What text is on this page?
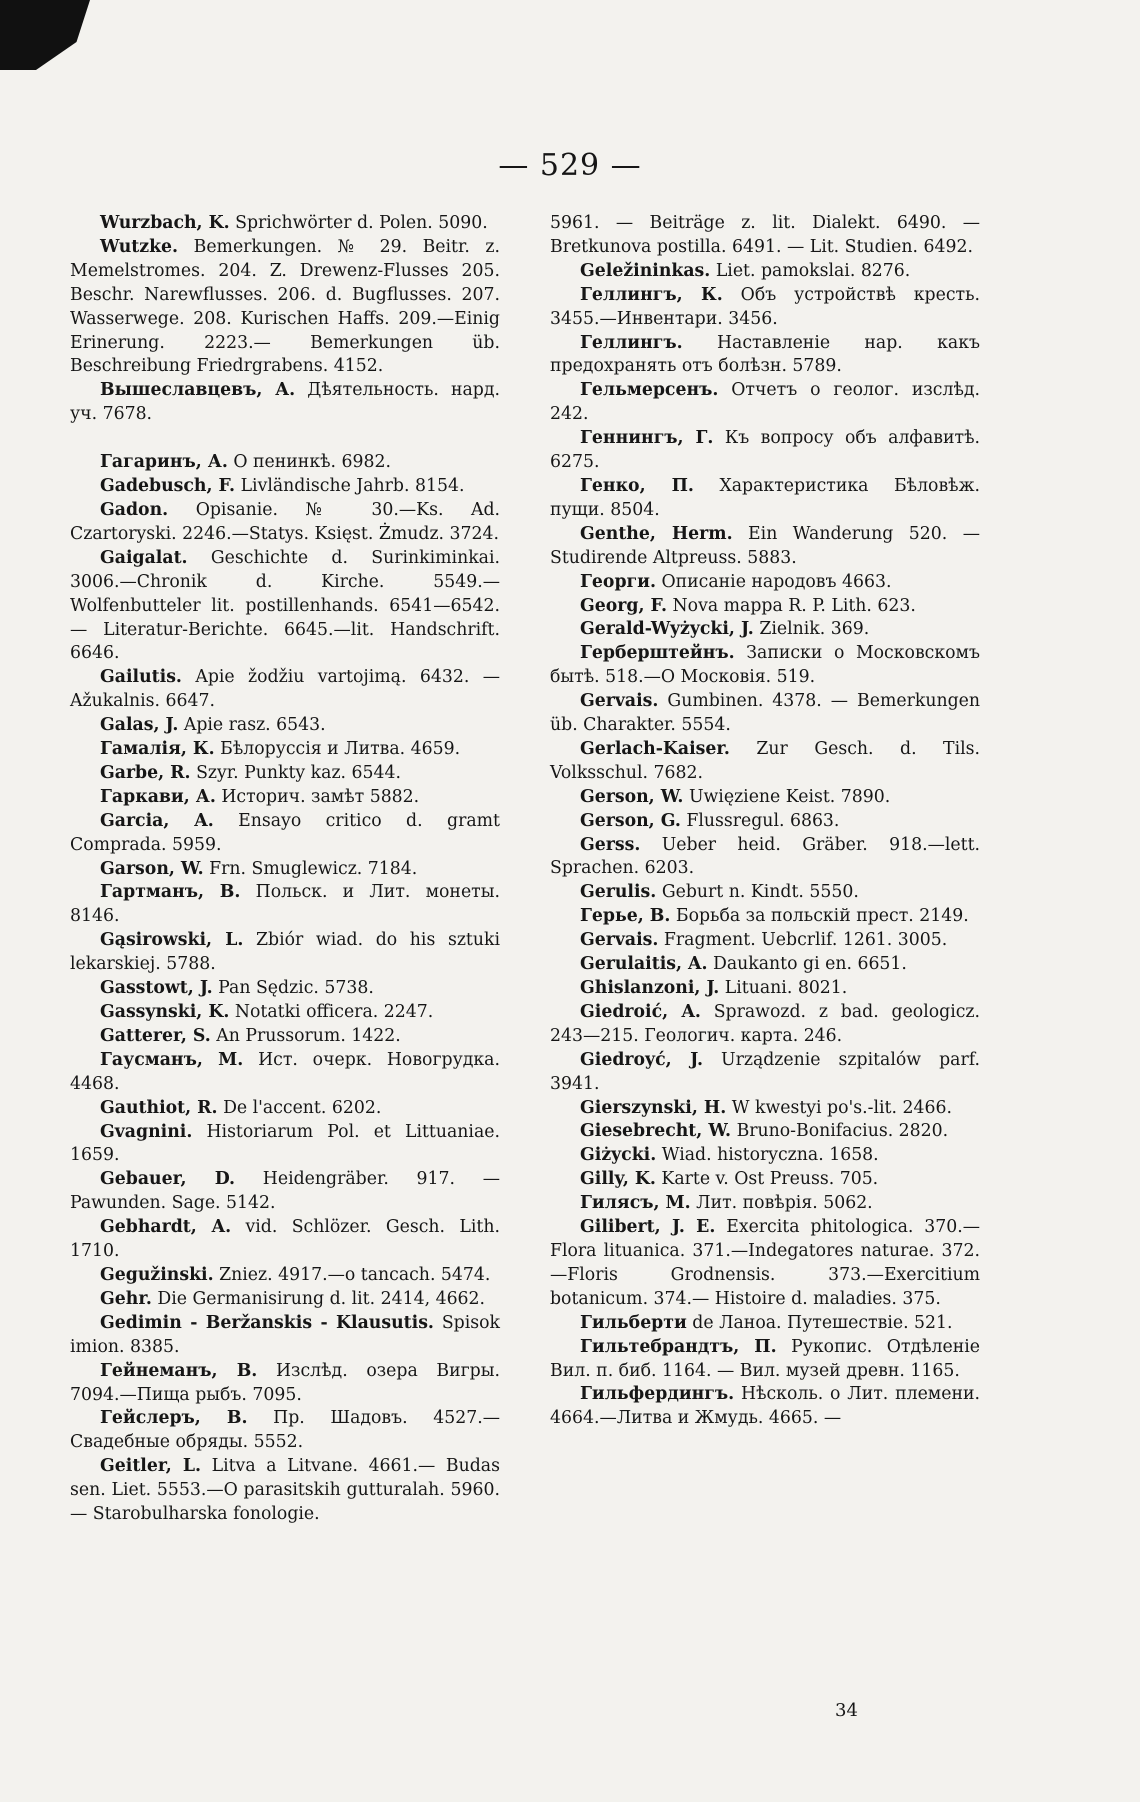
— 529 —

Wurzbach, K. Sprichwörter d. Polen. 5090.

Wutzke. Bemerkungen. № 29. Beitr. z. Memelstromes. 204. Z. Drewenz-Flusses 205. Beschr. Narewflusses. 206. d. Bugflusses. 207. Wasserwege. 208. Kurischen Haffs. 209.—Einig Erinerung. 2223.— Bemerkungen üb. Beschreibung Friedrgrabens. 4152.

Вышеславцевъ, А. Дѣятельность. нард. уч. 7678.

Гагаринъ, А. О пенинкѣ. 6982.

Gadebusch, F. Livländische Jahrb. 8154.

Gadon. Opisanie. № 30.—Ks. Ad. Czartoryski. 2246.—Statys. Księst. Żmudz. 3724.

Gaigalat. Geschichte d. Surinkiminkai. 3006.—Chronik d. Kirche. 5549.— Wolfenbutteler lit. postillenhands. 6541—6542. — Literatur-Berichte. 6645.—lit. Handschrift. 6646.

Gailutis. Apie žodžiu vartojimą. 6432. —Ažukalnis. 6647.

Galas, J. Apie rasz. 6543.

Гамалія, К. Бѣлоруссія и Литва. 4659.

Garbe, R. Szyr. Punkty kaz. 6544.

Гаркави, А. Историч. замѣт 5882.

Garcia, A. Ensayo critico d. gramt Comprada. 5959.

Garson, W. Frn. Smuglewicz. 7184.

Гартманъ, В. Польск. и Лит. монеты. 8146.

Gąsirowski, L. Zbiór wiad. do his sztuki lekarskiej. 5788.

Gasstowt, J. Pan Sędzic. 5738.

Gassynski, K. Notatki officera. 2247.

Gatterer, S. An Prussorum. 1422.

Гаусманъ, М. Ист. очерк. Новогрудка. 4468.

Gauthiot, R. De l'accent. 6202.

Gvagnini. Historiarum Pol. et Littuaniae. 1659.

Gebauer, D. Heidengräber. 917. — Pawunden. Sage. 5142.

Gebhardt, A. vid. Schlözer. Gesch. Lith. 1710.

Gegužinski. Zniez. 4917.—o tancach. 5474.

Gehr. Die Germanisirung d. lit. 2414, 4662.

Gedimin - Beržanskis - Klausutis. Spisok imion. 8385.

Гейнеманъ, В. Изслѣд. озера Вигры. 7094.—Пища рыбъ. 7095.

Гейслеръ, В. Пр. Шадовъ. 4527.— Свадебные обряды. 5552.

Geitler, L. Litva a Litvane. 4661.— Budas sen. Liet. 5553.—O parasitskih gutturalah. 5960. — Starobulharska fonologie.

5961. — Beiträge z. lit. Dialekt. 6490. — Bretkunova postilla. 6491. — Lit. Studien. 6492.

Geležininkas. Liet. pamokslai. 8276.

Геллингъ, К. Объ устройствѣ кресть. 3455.—Инвентари. 3456.

Геллингъ. Наставленіе нар. какъ предохранять отъ болѣзн. 5789.

Гельмерсенъ. Отчетъ о геолог. изслѣд. 242.

Геннингъ, Г. Къ вопросу объ алфавитѣ. 6275.

Генко, П. Характеристика Бѣловѣж. пущи. 8504.

Genthe, Herm. Ein Wanderung 520. —Studirende Altpreuss. 5883.

Георги. Описаніе народовъ 4663.

Georg, F. Nova mappa R. P. Lith. 623.

Gerald-Wyżycki, J. Zielnik. 369.

Герберштейнъ. Записки о Московскомъ бытѣ. 518.—O Московія. 519.

Gervais. Gumbinen. 4378. — Bemerkungen üb. Charakter. 5554.

Gerlach-Kaiser. Zur Gesch. d. Tils. Volksschul. 7682.

Gerson, W. Uwięziene Keist. 7890.

Gerson, G. Flussregul. 6863.

Gerss. Ueber heid. Gräber. 918.—lett. Sprachen. 6203.

Gerulis. Geburt n. Kindt. 5550.

Герье, В. Борьба за польскій прест. 2149.

Gervais. Fragment. Uebcrlif. 1261. 3005.

Gerulaitis, A. Daukanto gi en. 6651.

Ghislanzoni, J. Lituani. 8021.

Giedroić, A. Sprawozd. z bad. geologicz. 243—215. Геологич. карта. 246.

Giedroyć, J. Urządzenie szpitalów parf. 3941.

Gierszynski, H. W kwestyi po's.-lit. 2466.

Giesebrecht, W. Bruno-Bonifacius. 2820.

Giżycki. Wiad. historyczna. 1658.

Gilly, K. Karte v. Ost Preuss. 705.

Гилясъ, М. Лит. повѣрія. 5062.

Gilibert, J. E. Exercita phitologica. 370.—Flora lituanica. 371.—Indegatores naturae. 372.—Floris Grodnensis. 373.—Exercitium botanicum. 374.— Histoire d. maladies. 375.

Гильберти de Ланоа. Путешествіе. 521.

Гильтебрандтъ, П. Рукопис. Отдѣленіе Вил. п. биб. 1164. — Вил. музей древн. 1165.

Гильфердингъ. Нѣсколь. о Лит. племени. 4664.—Литва и Жмудь. 4665. —

34
